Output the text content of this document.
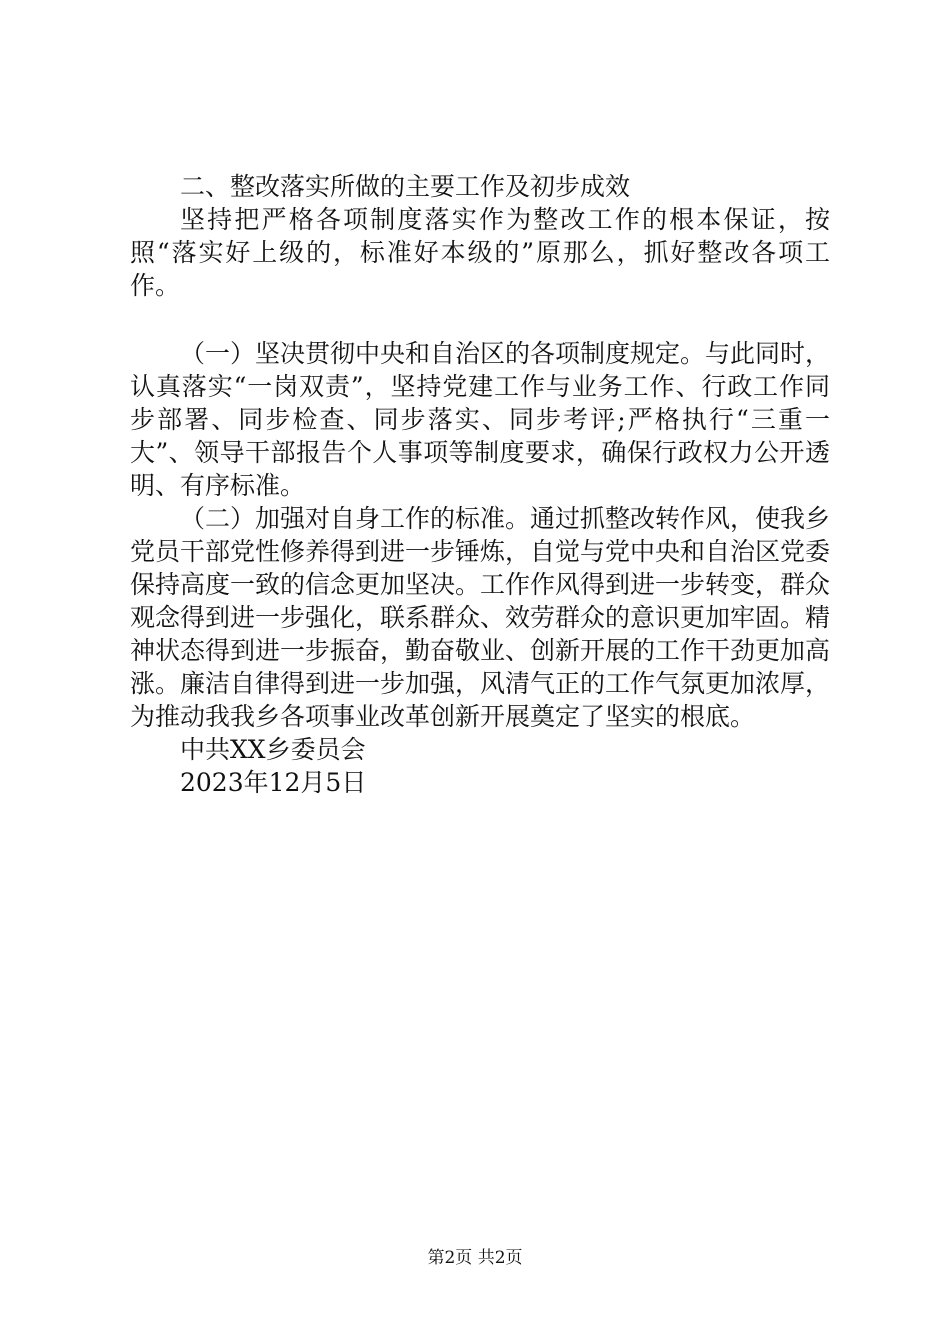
二、整改落实所做的主要工作及初步成效

坚持把严格各项制度落实作为整改工作的根本保证，按照“落实好上级的，标准好本级的”原那么，抓好整改各项工作。

（一）坚决贯彻中央和自治区的各项制度规定。与此同时，认真落实“一岗双责”，坚持党建工作与业务工作、行政工作同步部署、同步检查、同步落实、同步考评;严格执行“三重一大”、领导干部报告个人事项等制度要求，确保行政权力公开透明、有序标准。

（二）加强对自身工作的标准。通过抓整改转作风，使我乡党员干部党性修养得到进一步锤炼，自觉与党中央和自治区党委保持高度一致的信念更加坚决。工作作风得到进一步转变，群众观念得到进一步强化，联系群众、效劳群众的意识更加牢固。精神状态得到进一步振奋，勤奋敬业、创新开展的工作干劲更加高涨。廉洁自律得到进一步加强，风清气正的工作气氛更加浓厚，为推动我我乡各项事业改革创新开展奠定了坚实的根底。

中共XX乡委员会

2023年12月5日

第2页 共2页
